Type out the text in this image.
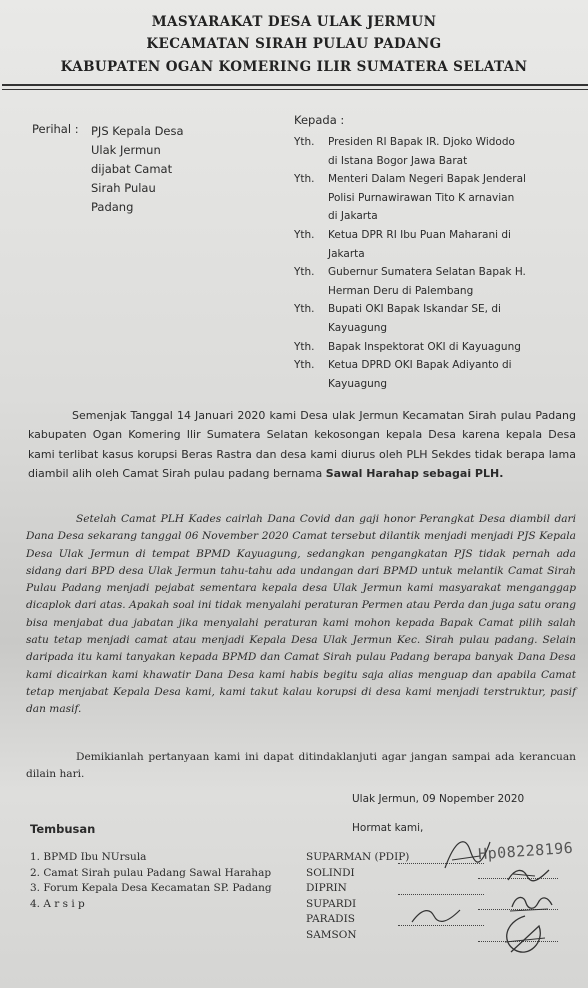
MASYARAKAT DESA ULAK JERMUN
KECAMATAN SIRAH PULAU PADANG
KABUPATEN OGAN KOMERING ILIR SUMATERA SELATAN
Perihal : PJS Kepala Desa
Ulak Jermun
dijabat Camat
Sirah Pulau
Padang
Kepada :
Yth.	Presiden RI Bapak IR. Djoko Widodo
di Istana Bogor Jawa Barat
Yth.	Menteri Dalam Negeri Bapak Jenderal
Polisi Purnawirawan Tito K arnavian
di Jakarta
Yth.	Ketua DPR RI Ibu Puan Maharani di
Jakarta
Yth.	Gubernur Sumatera Selatan Bapak H.
Herman Deru di Palembang
Yth.	Bupati OKI Bapak Iskandar SE, di
Kayuagung
Yth.	Bapak Inspektorat OKI di Kayuagung
Yth.	Ketua DPRD OKI Bapak Adiyanto di
Kayuagung
Semenjak Tanggal 14 Januari 2020 kami Desa ulak Jermun Kecamatan Sirah pulau Padang kabupaten Ogan Komering Ilir Sumatera Selatan kekosongan kepala Desa karena kepala Desa kami terlibat kasus korupsi Beras Rastra dan desa kami diurus oleh PLH Sekdes tidak berapa lama diambil alih oleh Camat Sirah pulau padang bernama Sawal Harahap sebagai PLH.
Setelah Camat PLH Kades cairlah Dana Covid dan gaji honor Perangkat Desa diambil dari Dana Desa sekarang tanggal 06 November 2020 Camat tersebut dilantik menjadi menjadi PJS Kepala Desa Ulak Jermun di tempat BPMD Kayuagung, sedangkan pengangkatan PJS tidak pernah ada sidang dari BPD desa Ulak Jermun tahu-tahu ada undangan dari BPMD untuk melantik Camat Sirah Pulau Padang menjadi pejabat sementara kepala desa Ulak Jermun kami masyarakat menganggap dicaplok dari atas. Apakah soal ini tidak menyalahi peraturan Permen atau Perda dan juga satu orang bisa menjabat dua jabatan jika menyalahi peraturan kami mohon kepada Bapak Camat pilih salah satu tetap menjadi camat atau menjadi Kepala Desa Ulak Jermun Kec. Sirah pulau padang. Selain daripada itu kami tanyakan kepada BPMD dan Camat Sirah pulau Padang berapa banyak Dana Desa kami dicairkan kami khawatir Dana Desa kami habis begitu saja alias menguap dan apabila Camat tetap menjabat Kepala Desa kami, kami takut kalau korupsi di desa kami menjadi terstruktur, pasif dan masif.
Demikianlah pertanyaan kami ini dapat ditindaklanjuti agar jangan sampai ada kerancuan dilain hari.
Ulak Jermun, 09 Nopember 2020
Hormat kami,
Tembusan
1. BPMD Ibu NUrsula
2. Camat Sirah pulau Padang Sawal Harahap
3. Forum Kepala Desa Kecamatan SP. Padang
4. A r s i p
SUPARMAN (PDIP)
SOLINDI
DIPRIN
SUPARDI
PARADIS
SAMSON
Hp08228196
